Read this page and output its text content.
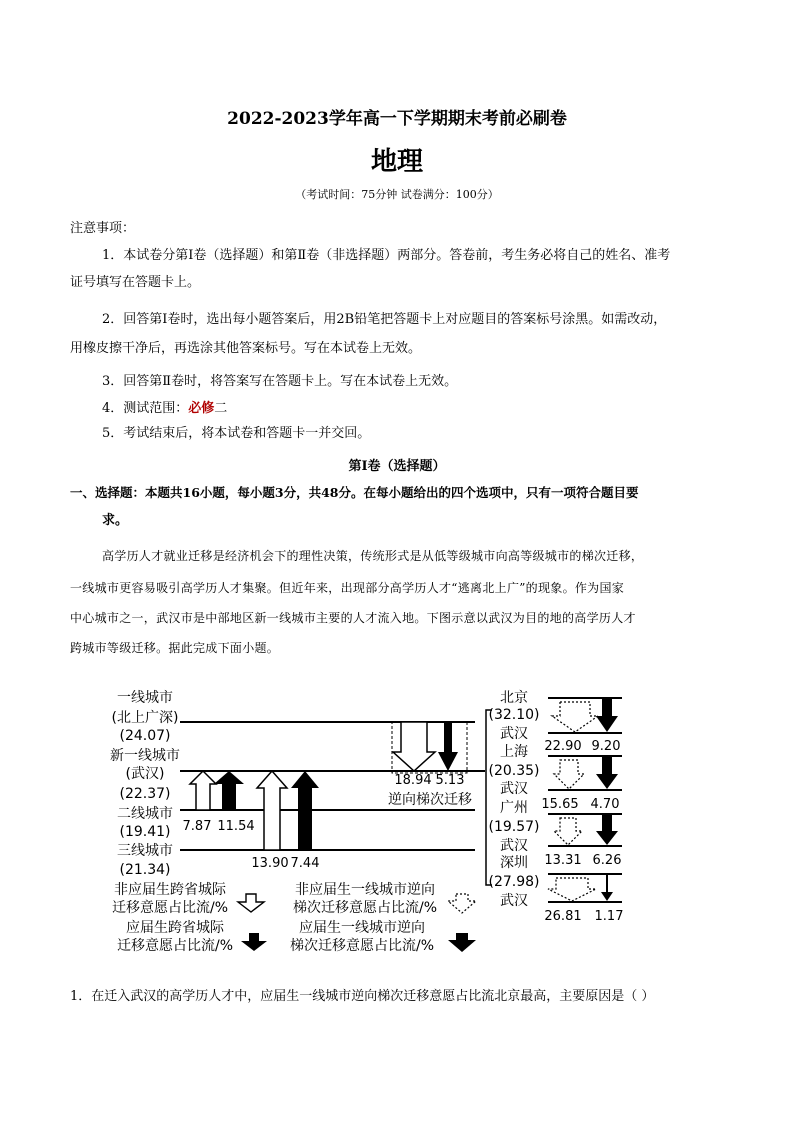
2022-2023学年高一下学期期末考前必刷卷
地理
（考试时间：75分钟 试卷满分：100分）
注意事项：
1．本试卷分第Ⅰ卷（选择题）和第Ⅱ卷（非选择题）两部分。答卷前，考生务必将自己的姓名、准考
证号填写在答题卡上。
2．回答第Ⅰ卷时，选出每小题答案后，用2B铅笔把答题卡上对应题目的答案标号涂黑。如需改动，
用橡皮擦干净后，再选涂其他答案标号。写在本试卷上无效。
3．回答第Ⅱ卷时，将答案写在答题卡上。写在本试卷上无效。
4．测试范围：必修二
5．考试结束后，将本试卷和答题卡一并交回。
第Ⅰ卷（选择题）
一、选择题：本题共16小题，每小题3分，共48分。在每小题给出的四个选项中，只有一项符合题目要
求。
高学历人才就业迁移是经济机会下的理性决策，传统形式是从低等级城市向高等级城市的梯次迁移，
一线城市更容易吸引高学历人才集聚。但近年来，出现部分高学历人才“逃离北上广”的现象。作为国家
中心城市之一，武汉市是中部地区新一线城市主要的人才流入地。下图示意以武汉为目的地的高学历人才
跨城市等级迁移。据此完成下面小题。
一线城市
(北上广深)
(24.07)
新一线城市
(武汉)
(22.37)
二线城市
(19.41)
三线城市
(21.34)
7.87 11.54
13.90 7.44
18.94 5.13
逆向梯次迁移
北京
(32.10)
武汉
上海
(20.35)
武汉
广州
(19.57)
武汉
深圳
(27.98)
武汉
22.90 9.20
15.65 4.70
13.31 6.26
26.81 1.17
非应届生跨省城际
迁移意愿占比流/%
应届生跨省城际
迁移意愿占比流/%
非应届生一线城市逆向
梯次迁移意愿占比流/%
应届生一线城市逆向
梯次迁移意愿占比流/%
1．在迁入武汉的高学历人才中，应届生一线城市逆向梯次迁移意愿占比流北京最高，主要原因是（ ）
